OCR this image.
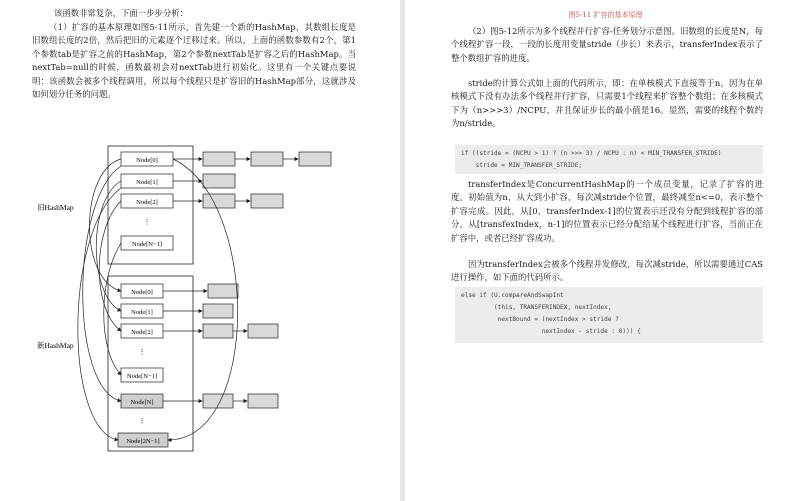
该函数非常复杂，下面一步步分析：

（1）扩容的基本原理如图5-11所示，首先建一个新的HashMap，其数组长度是旧数组长度的2倍，然后把旧的元素逐个迁移过来。所以，上面的函数参数有2个，第1个参数tab是扩容之前的HashMap，第2个参数nextTab是扩容之后的HashMap。当nextTab=null的时候，函数最初会对nextTab进行初始化。这里有一个关键点要说明：该函数会被多个线程调用，所以每个线程只是扩容旧的HashMap部分，这就涉及如何划分任务的问题。

旧HashMap
Node[0]
Node[1]
Node[2]
⋮
Node[N−1]
新HashMap
Node[0]
Node[1]
Node[2]
⋮
Node[N−1]
Node[N]
⋮
Node[2N−1]
图5-11 扩容的基本原理

（2）图5-12所示为多个线程并行扩容-任务划分示意图。旧数组的长度是N，每个线程扩容一段，一段的长度用变量stride（步长）来表示，transferIndex表示了整个数组扩容的进度。

stride的计算公式如上面的代码所示，即：在单核模式下直接等于n，因为在单核模式下没有办法多个线程并行扩容，只需要1个线程来扩容整个数组；在多核模式下为（n>>>3）/NCPU，并且保证步长的最小值是16。显然，需要的线程个数约为n/stride。

if ((stride = (NCPU > 1) ? (n >>> 3) / NCPU : n) < MIN_TRANSFER_STRIDE)

stride = MIN_TRANSFER_STRIDE;

transferIndex是ConcurrentHashMap的一个成员变量，记录了扩容的进度。初始值为n，从大到小扩容，每次减stride个位置，最终减至n<=0，表示整个扩容完成。因此，从[0，transferIndex-1]的位置表示还没有分配到线程扩容的部分，从[transfexIndex，n-1]的位置表示已经分配给某个线程进行扩容，当前正在扩容中，或者已经扩容成功。

因为transferIndex会被多个线程并发修改，每次减stride，所以需要通过CAS进行操作，如下面的代码所示。

else if (U.compareAndSwapInt

(this, TRANSFERINDEX, nextIndex,

nextBound = (nextIndex > stride ?

nextIndex - stride : 0))) {
